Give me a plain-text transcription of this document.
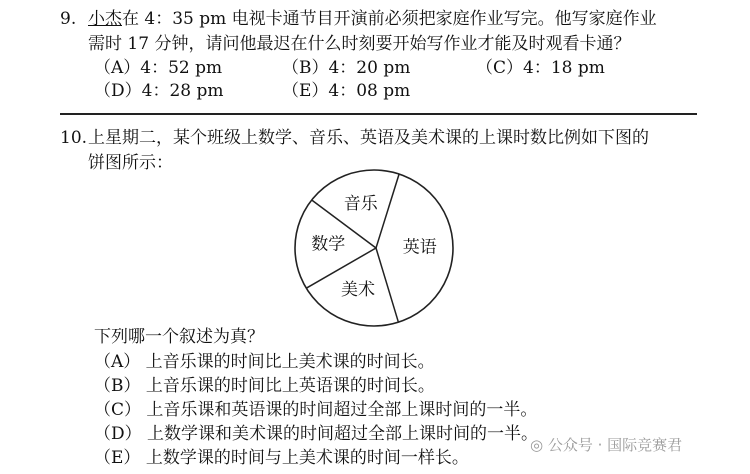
9. 小杰在 4：35 pm 电视卡通节目开演前必须把家庭作业写完。他写家庭作业
需时 17 分钟，请问他最迟在什么时刻要开始写作业才能及时观看卡通？
（A）4：52 pm	（B）4：20 pm	（C）4：18 pm
（D）4：28 pm	（E）4：08 pm
10. 上星期二，某个班级上数学、音乐、英语及美术课的上课时数比例如下图的
饼图所示：
音乐
英语
美术
数学
下列哪一个叙述为真？
（A） 上音乐课的时间比上美术课的时间长。
（B） 上音乐课的时间比上英语课的时间长。
（C） 上音乐课和英语课的时间超过全部上课时间的一半。
（D） 上数学课和美术课的时间超过全部上课时间的一半。
（E） 上数学课的时间与上美术课的时间一样长。
◎ 公众号 · 国际竞赛君
